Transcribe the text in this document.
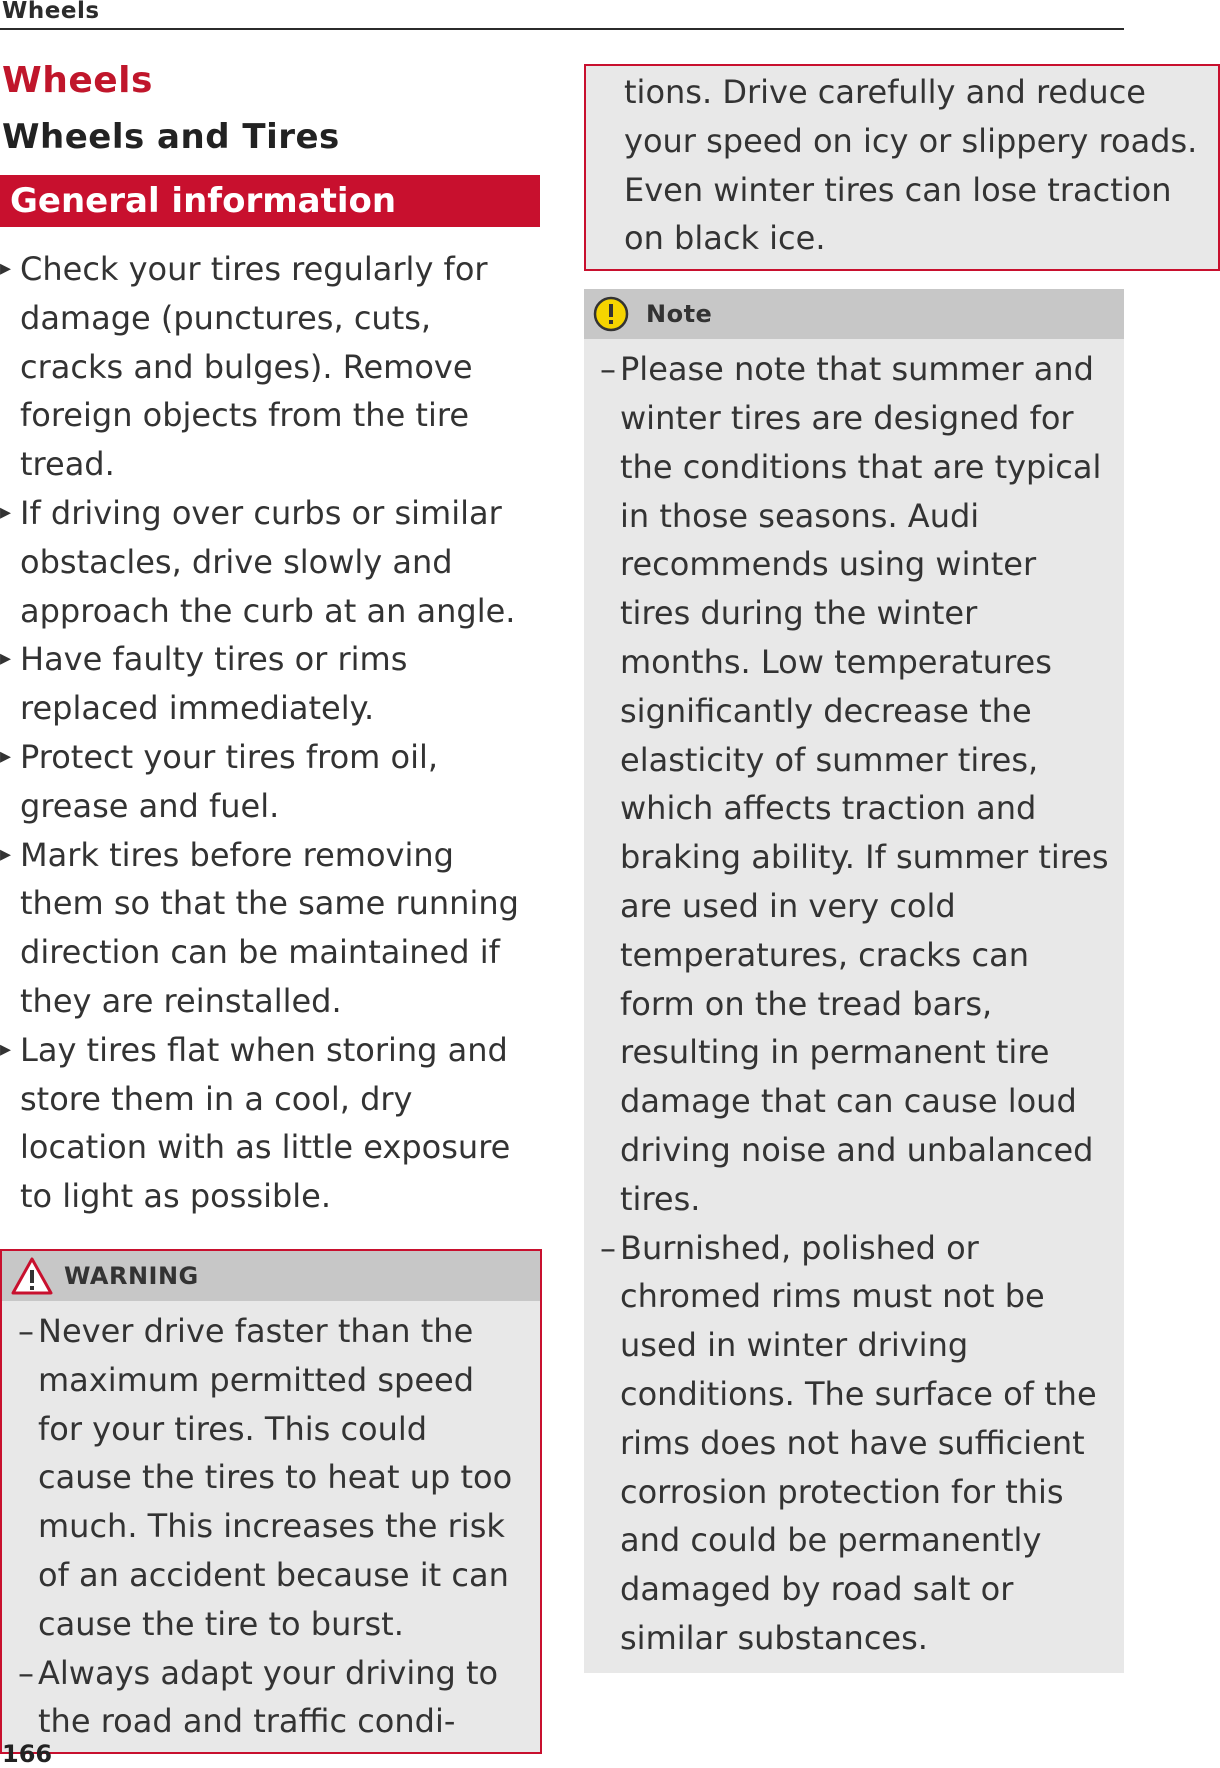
Wheels
Wheels
Wheels and Tires
General information
▸ Check your tires regularly for damage (punctures, cuts, cracks and bulges). Remove foreign objects from the tire tread.
▸ If driving over curbs or similar obstacles, drive slowly and approach the curb at an angle.
▸ Have faulty tires or rims replaced immediately.
▸ Protect your tires from oil, grease and fuel.
▸ Mark tires before removing them so that the same running direction can be maintained if they are reinstalled.
▸ Lay tires flat when storing and store them in a cool, dry location with as little exposure to light as possible.
WARNING
– Never drive faster than the maximum permitted speed for your tires. This could cause the tires to heat up too much. This increases the risk of an accident because it can cause the tire to burst.
– Always adapt your driving to the road and traffic condi-
tions. Drive carefully and reduce your speed on icy or slippery roads. Even winter tires can lose traction on black ice.
Note
– Please note that summer and winter tires are designed for the conditions that are typical in those seasons. Audi recommends using winter tires during the winter months. Low temperatures significantly decrease the elasticity of summer tires, which affects traction and braking ability. If summer tires are used in very cold temperatures, cracks can form on the tread bars, resulting in permanent tire damage that can cause loud driving noise and unbalanced tires.
– Burnished, polished or chromed rims must not be used in winter driving conditions. The surface of the rims does not have sufficient corrosion protection for this and could be permanently damaged by road salt or similar substances.
166
